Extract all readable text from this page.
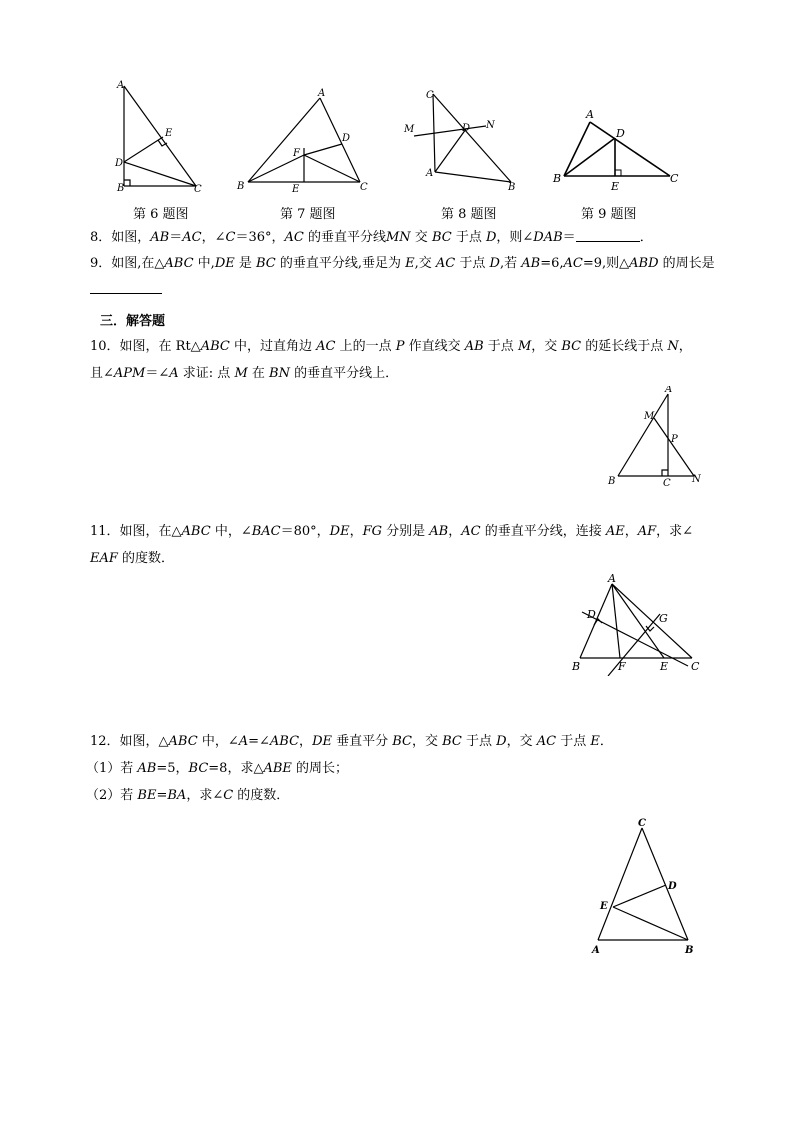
A
D
E
B	C
第 6 题图
A
D
F
B	E	C
第 7 题图
C
M	D N
A
B
第 8 题图
A
D
B
E
C
第 9 题图
8．如图，AB＝AC，∠C＝36°，AC 的垂直平分线MN 交 BC 于点 D，则∠DAB＝	．
9．如图,在△ABC 中,DE 是 BC 的垂直平分线,垂足为 E,交 AC 于点 D,若 AB=6,AC=9,则△ABD 的周长是
三．解答题
10．如图，在 Rt△ABC 中，过直角边 AC 上的一点 P 作直线交 AB 于点 M，交 BC 的延长线于点 N，
且∠APM＝∠A 求证: 点 M 在 BN 的垂直平分线上．
A
M
P
B	C N
11．如图，在△ABC 中，∠BAC＝80°，DE，FG 分别是 AB，AC 的垂直平分线，连接 AE，AF，求∠
EAF 的度数．
A
D	G
B	F	E C
12．如图，△ABC 中，∠A=∠ABC，DE 垂直平分 BC，交 BC 于点 D，交 AC 于点 E．
（1）若 AB=5，BC=8，求△ABE 的周长；
（2）若 BE=BA，求∠C 的度数．
C
D
E
A	B
